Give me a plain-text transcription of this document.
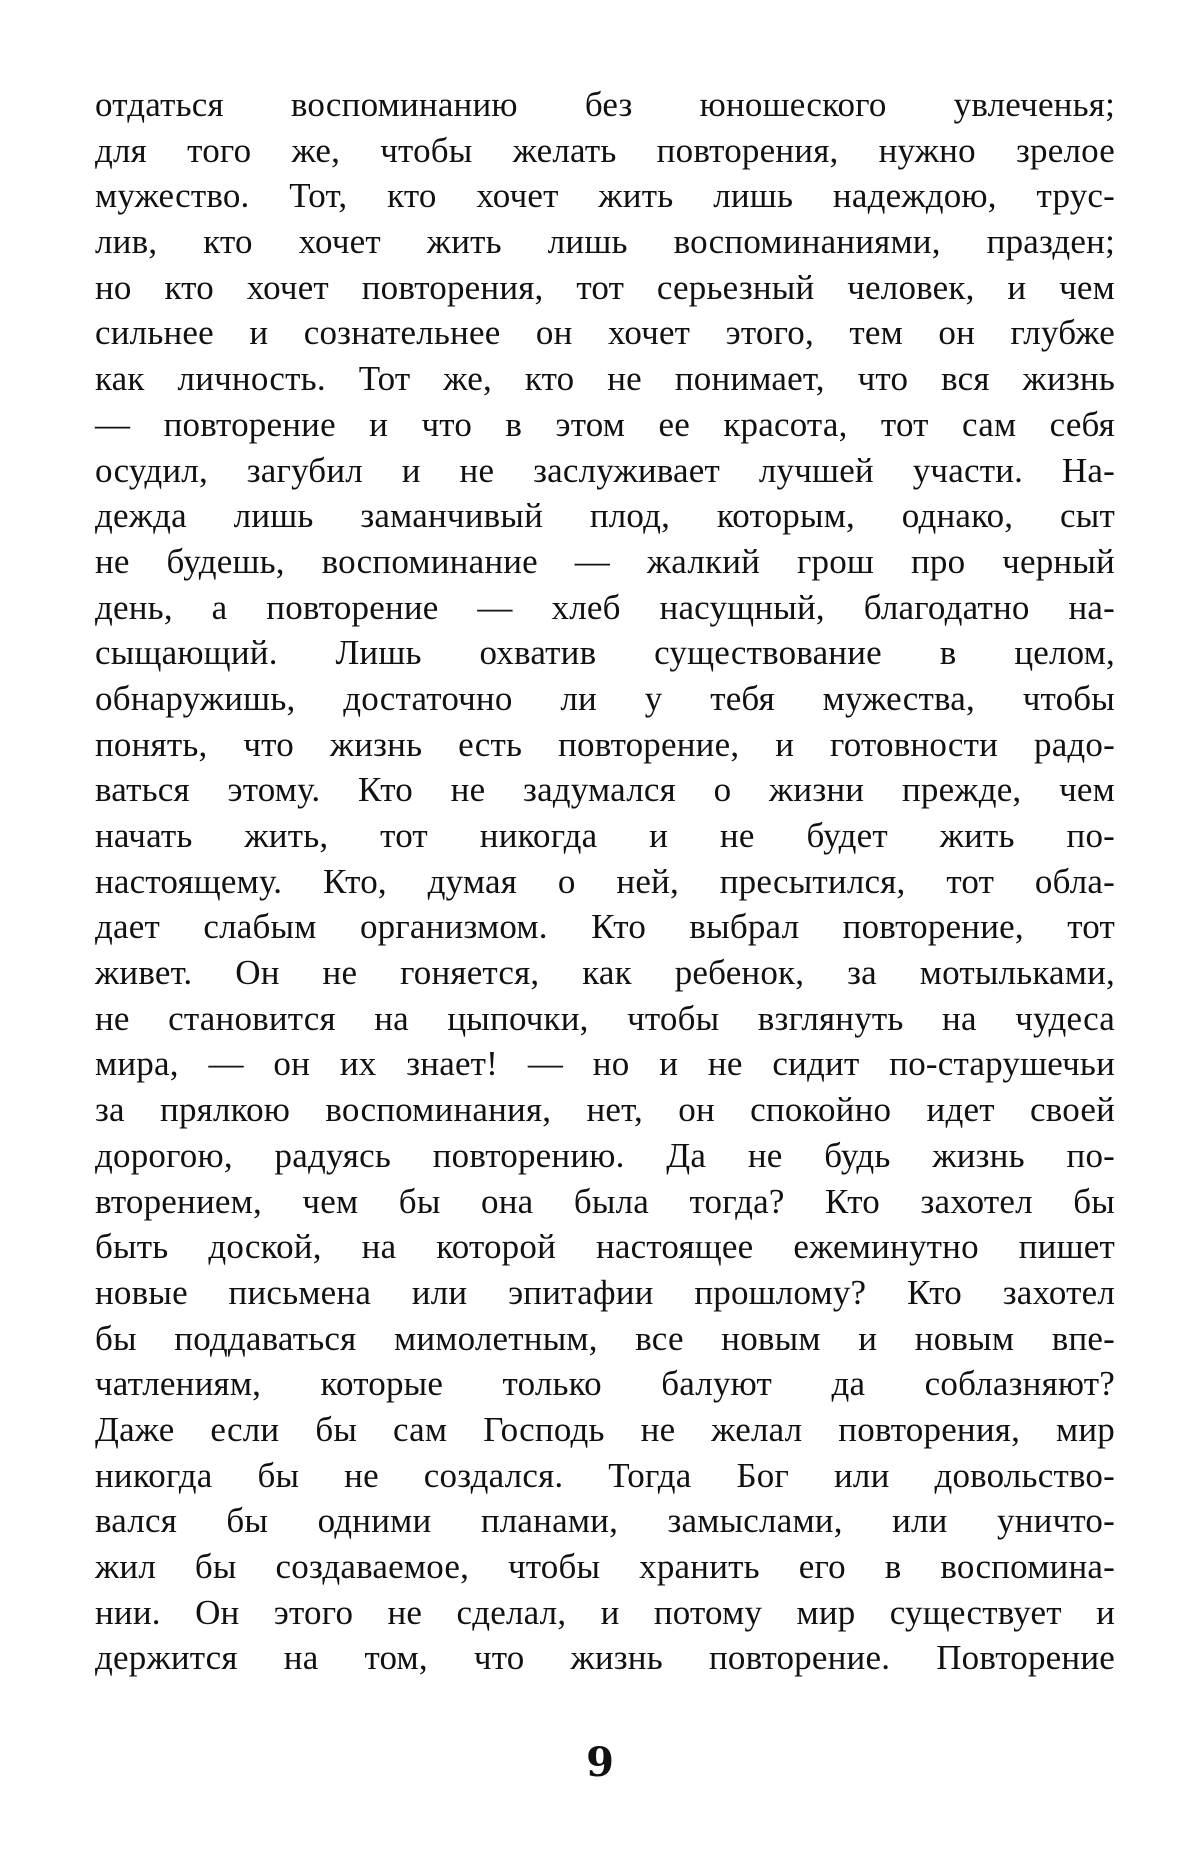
отдаться воспоминанию без юношеского увлеченья;
для того же, чтобы желать повторения, нужно зрелое
мужество. Тот, кто хочет жить лишь надеждою, трус-
лив, кто хочет жить лишь воспоминаниями, празден;
но кто хочет повторения, тот серьезный человек, и чем
сильнее и сознательнее он хочет этого, тем он глубже
как личность. Тот же, кто не понимает, что вся жизнь
— повторение и что в этом ее красота, тот сам себя
осудил, загубил и не заслуживает лучшей участи. На-
дежда лишь заманчивый плод, которым, однако, сыт
не будешь, воспоминание — жалкий грош про черный
день, а повторение — хлеб насущный, благодатно на-
сыщающий. Лишь охватив существование в целом,
обнаружишь, достаточно ли у тебя мужества, чтобы
понять, что жизнь есть повторение, и готовности радо-
ваться этому. Кто не задумался о жизни прежде, чем
начать жить, тот никогда и не будет жить по-
настоящему. Кто, думая о ней, пресытился, тот обла-
дает слабым организмом. Кто выбрал повторение, тот
живет. Он не гоняется, как ребенок, за мотыльками,
не становится на цыпочки, чтобы взглянуть на чудеса
мира, — он их знает! — но и не сидит по-старушечьи
за прялкою воспоминания, нет, он спокойно идет своей
дорогою, радуясь повторению. Да не будь жизнь по-
вторением, чем бы она была тогда? Кто захотел бы
быть доской, на которой настоящее ежеминутно пишет
новые письмена или эпитафии прошлому? Кто захотел
бы поддаваться мимолетным, все новым и новым впе-
чатлениям, которые только балуют да соблазняют?
Даже если бы сам Господь не желал повторения, мир
никогда бы не создался. Тогда Бог или довольство-
вался бы одними планами, замыслами, или уничто-
жил бы создаваемое, чтобы хранить его в воспомина-
нии. Он этого не сделал, и потому мир существует и
держится на том, что жизнь повторение. Повторение
9
